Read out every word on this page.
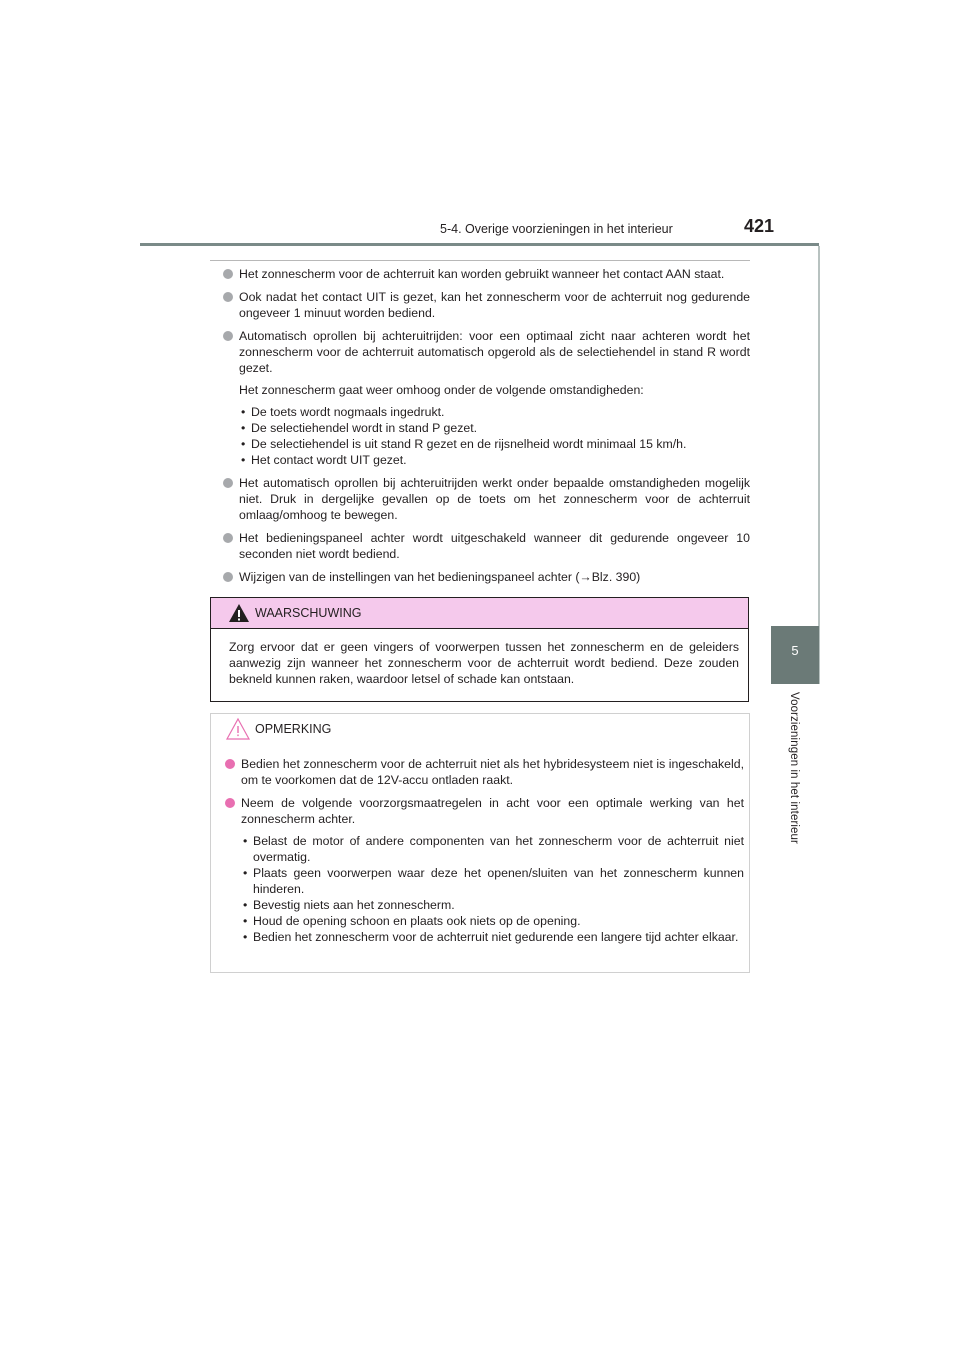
5-4. Overige voorzieningen in het interieur	421
5
Voorzieningen in het interieur
Het zonnescherm voor de achterruit kan worden gebruikt wanneer het contact AAN staat.
Ook nadat het contact UIT is gezet, kan het zonnescherm voor de achterruit nog gedurende ongeveer 1 minuut worden bediend.
Automatisch oprollen bij achteruitrijden: voor een optimaal zicht naar achteren wordt het zonnescherm voor de achterruit automatisch opgerold als de selectiehendel in stand R wordt gezet.
Het zonnescherm gaat weer omhoog onder de volgende omstandigheden:
• De toets wordt nogmaals ingedrukt.
• De selectiehendel wordt in stand P gezet.
• De selectiehendel is uit stand R gezet en de rijsnelheid wordt minimaal 15 km/h.
• Het contact wordt UIT gezet.
Het automatisch oprollen bij achteruitrijden werkt onder bepaalde omstandigheden mogelijk niet. Druk in dergelijke gevallen op de toets om het zonnescherm voor de achterruit omlaag/omhoog te bewegen.
Het bedieningspaneel achter wordt uitgeschakeld wanneer dit gedurende ongeveer 10 seconden niet wordt bediend.
Wijzigen van de instellingen van het bedieningspaneel achter (→Blz. 390)
WAARSCHUWING
Zorg ervoor dat er geen vingers of voorwerpen tussen het zonnescherm en de geleiders aanwezig zijn wanneer het zonnescherm voor de achterruit wordt bediend. Deze zouden bekneld kunnen raken, waardoor letsel of schade kan ontstaan.
OPMERKING
Bedien het zonnescherm voor de achterruit niet als het hybridesysteem niet is ingeschakeld, om te voorkomen dat de 12V-accu ontladen raakt.
Neem de volgende voorzorgsmaatregelen in acht voor een optimale werking van het zonnescherm achter.
• Belast de motor of andere componenten van het zonnescherm voor de achterruit niet overmatig.
• Plaats geen voorwerpen waar deze het openen/sluiten van het zonnescherm kunnen hinderen.
• Bevestig niets aan het zonnescherm.
• Houd de opening schoon en plaats ook niets op de opening.
• Bedien het zonnescherm voor de achterruit niet gedurende een langere tijd achter elkaar.
